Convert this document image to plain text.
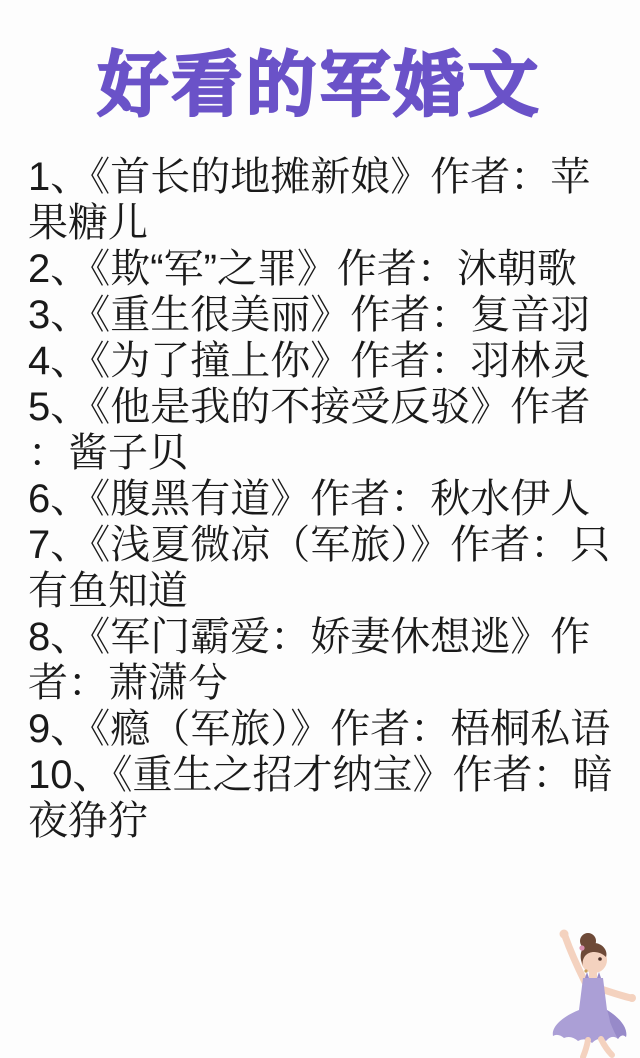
好看的军婚文

1、《首长的地摊新娘》作者：苹果糖儿

2、《欺“军”之罪》作者：沐朝歌

3、《重生很美丽》作者：复音羽

4、《为了撞上你》作者：羽林灵

5、《他是我的不接受反驳》作者：酱子贝

6、《腹黑有道》作者：秋水伊人

7、《浅夏微凉（军旅）》作者：只有鱼知道

8、《军门霸爱：娇妻休想逃》作者：萧潇兮

9、《瘾（军旅）》作者：梧桐私语

10、《重生之招才纳宝》作者：暗夜狰狞
